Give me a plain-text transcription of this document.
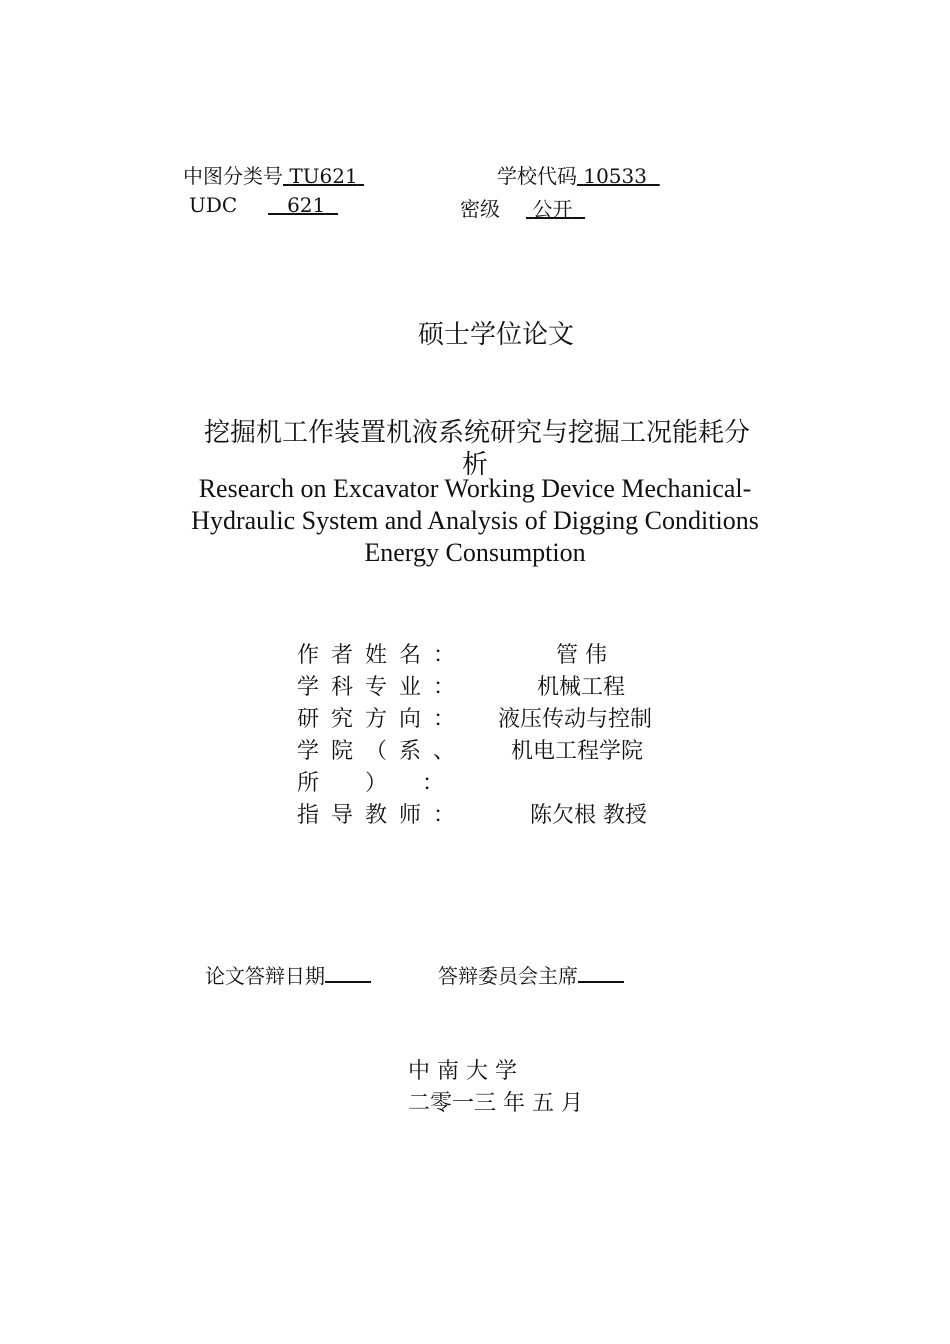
中图分类号 TU621	学校代码 10533
UDC	621	密级	公开
硕士学位论文
挖掘机工作装置机液系统研究与挖掘工况能耗分
析
Research on Excavator Working Device Mechanical-
Hydraulic System and Analysis of Digging Conditions
Energy Consumption
作者姓名：	管 伟
学科专业：	机械工程
研究方向： 液压传动与控制
学院（系、 机电工程学院
所　）　：
指导教师：	陈欠根 教授
论文答辩日期	答辩委员会主席
中 南 大 学
二零一三 年 五 月
